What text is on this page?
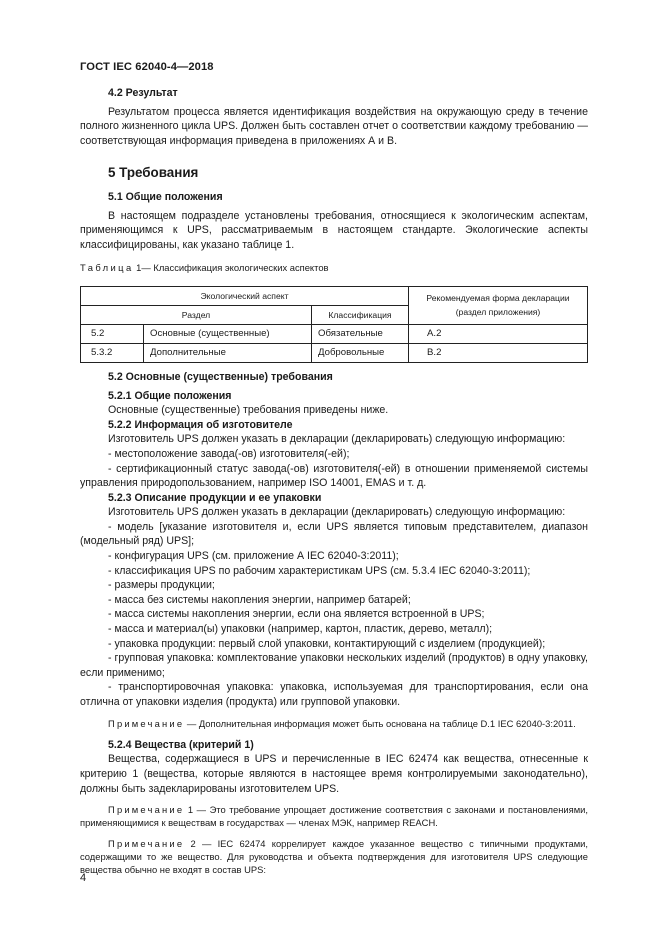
ГОСТ IEC 62040-4—2018
4.2 Результат

Результатом процесса является идентификация воздействия на окружающую среду в течение полного жизненного цикла UPS. Должен быть составлен отчет о соответствии каждому требованию — соответствующая информация приведена в приложениях А и В.

5 Требования
5.1 Общие положения

В настоящем подразделе установлены требования, относящиеся к экологическим аспектам, применяющимся к UPS, рассматриваемым в настоящем стандарте. Экологические аспекты классифицированы, как указано таблице 1.

Таблица 1— Классификация экологических аспектов
Экологический аспект			Рекомендуемая форма декларации (раздел приложения)
Раздел		Классификация	
5.2	Основные (существенные)	Обязательные	А.2
5.3.2	Дополнительные	Добровольные	В.2
5.2 Основные (существенные) требования
5.2.1 Общие положения

Основные (существенные) требования приведены ниже.

5.2.2 Информация об изготовителе

Изготовитель UPS должен указать в декларации (декларировать) следующую информацию:

- местоположение завода(-ов) изготовителя(-ей);

- сертификационный статус завода(-ов) изготовителя(-ей) в отношении применяемой системы управления природопользованием, например ISO 14001, EMAS и т. д.

5.2.3 Описание продукции и ее упаковки

Изготовитель UPS должен указать в декларации (декларировать) следующую информацию:

- модель [указание изготовителя и, если UPS является типовым представителем, диапазон (модельный ряд) UPS];

- конфигурация UPS (см. приложение А IEC 62040-3:2011);

- классификация UPS по рабочим характеристикам UPS (см. 5.3.4 IEC 62040-3:2011);

- размеры продукции;

- масса без системы накопления энергии, например батарей;

- масса системы накопления энергии, если она является встроенной в UPS;

- масса и материал(ы) упаковки (например, картон, пластик, дерево, металл);

- упаковка продукции: первый слой упаковки, контактирующий с изделием (продукцией);

- групповая упаковка: комплектование упаковки нескольких изделий (продуктов) в одну упаковку, если применимо;

- транспортировочная упаковка: упаковка, используемая для транспортирования, если она отлична от упаковки изделия (продукта) или групповой упаковки.

Примечание — Дополнительная информация может быть основана на таблице D.1 IEC 62040-3:2011.

5.2.4 Вещества (критерий 1)

Вещества, содержащиеся в UPS и перечисленные в IEC 62474 как вещества, отнесенные к критерию 1 (вещества, которые являются в настоящее время контролируемыми законодательно), должны быть задекларированы изготовителем UPS.

Примечание 1 — Это требование упрощает достижение соответствия с законами и постановлениями, применяющимися к веществам в государствах — членах МЭК, например REACH.

Примечание 2 — IEC 62474 коррелирует каждое указанное вещество с типичными продуктами, содержащими то же вещество. Для руководства и объекта подтверждения для изготовителя UPS следующие вещества обычно не входят в состав UPS:

4
